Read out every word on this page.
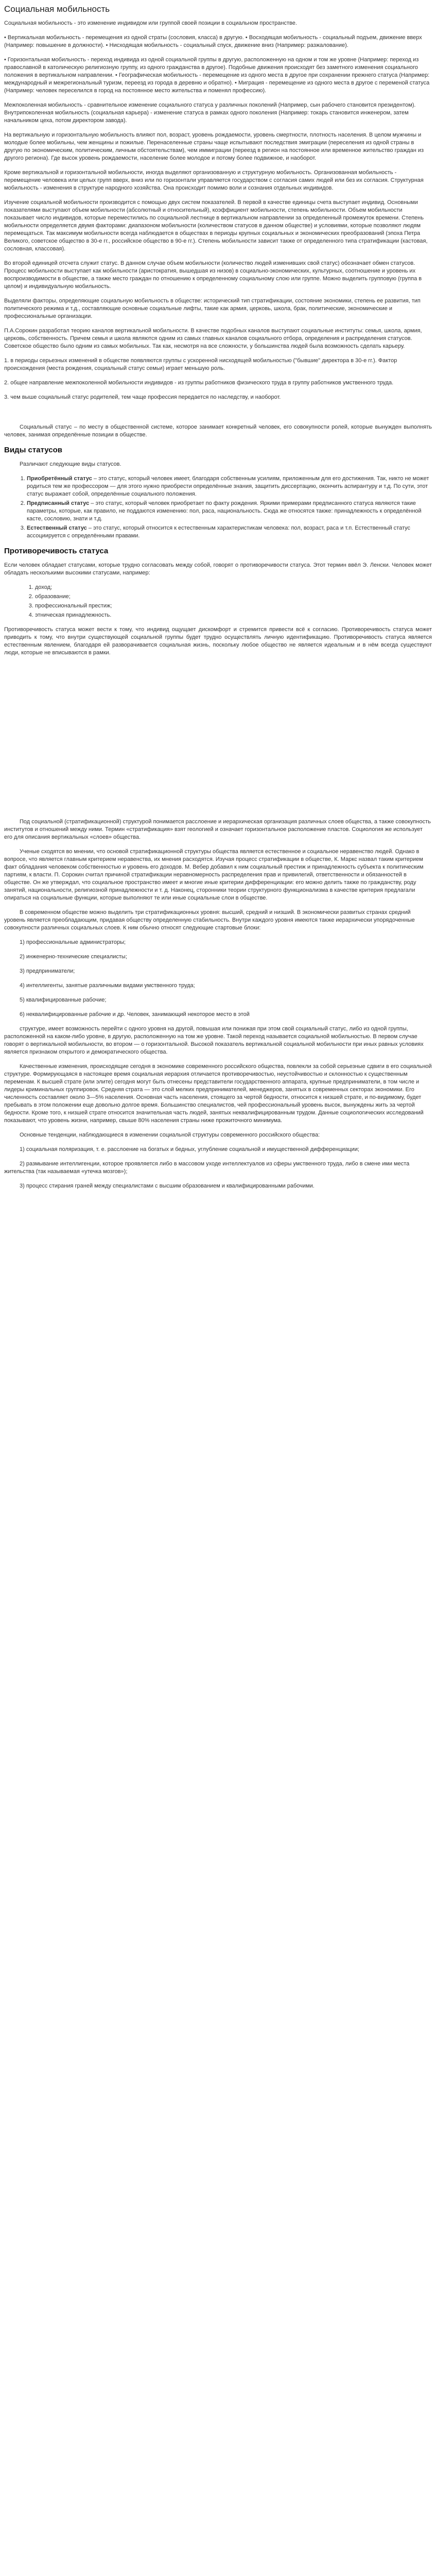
Социальная мобильность

Социальная мобильность - это изменение индивидом или группой своей позиции в социальном пространстве.

• Вертикальная мобильность - перемещения из одной страты (сословия, класса) в другую. • Восходящая мобильность - социальный подъем, движение вверх (Например: повышение в должности). • Нисходящая мобильность - социальный спуск, движение вниз (Например: разжалование).

• Горизонтальная мобильность - переход индивида из одной социальной группы в другую, расположенную на одном и том же уровне (Например: переход из православной в католическую религиозную группу, из одного гражданства в другое). Подобные движения происходят без заметного изменения социального положения в вертикальном направлении. • Географическая мобильность - перемещение из одного места в другое при сохранении прежнего статуса (Например: международный и межрегиональный туризм, переезд из города в деревню и обратно). • Миграция - перемещение из одного места в другое с переменой статуса (Например: человек переселился в город на постоянное место жительства и поменял профессию).

Межпоколенная мобильность - сравнительное изменение социального статуса у различных поколений (Например, сын рабочего становится президентом). Внутрипоколенная мобильность (социальная карьера) - изменение статуса в рамках одного поколения (Например: токарь становится инженером, затем начальником цеха, потом директором завода).

На вертикальную и горизонтальную мобильность влияют пол, возраст, уровень рождаемости, уровень смертности, плотность населения. В целом мужчины и молодые более мобильны, чем женщины и пожилые. Перенаселенные страны чаще испытывают последствия эмиграции (переселения из одной страны в другую по экономическим, политическим, личным обстоятельствам), чем иммиграции (переезд в регион на постоянное или временное жительство граждан из другого региона). Где высок уровень рождаемости, население более молодое и потому более подвижное, и наоборот.

Кроме вертикальной и горизонтальной мобильности, иногда выделяют организованную и структурную мобильность. Организованная мобильность - перемещение человека или целых групп вверх, вниз или по горизонтали управляется государством с согласия самих людей или без их согласия. Структурная мобильность - изменения в структуре народного хозяйства. Она происходит помимо воли и сознания отдельных индивидов.

Изучение социальной мобильности производится с помощью двух систем показателей. В первой в качестве единицы счета выступает индивид. Основными показателями выступают объем мобильности (абсолютный и относительный), коэффициент мобильности, степень мобильности. Объем мобильности показывает число индивидов, которые переместились по социальной лестнице в вертикальном направлении за определенный промежуток времени. Степень мобильности определяется двумя факторами: диапазоном мобильности (количеством статусов в данном обществе) и условиями, которые позволяют людям перемещаться. Так максимум мобильности всегда наблюдается в обществах в периоды крупных социальных и экономических преобразований (эпоха Петра Великого, советское общество в 30-е гг., российское общество в 90-е гг.). Степень мобильности зависит также от определенного типа стратификации (кастовая, сословная, классовая).

Во второй единицей отсчета служит статус. В данном случае объем мобильности (количество людей изменивших свой статус) обозначает обмен статусов. Процесс мобильности выступает как мобильности (аристократия, вышедшая из низов) в социально-экономических, культурных, соотношение и уровень их воспроизводимости в обществе, а также место граждан по отношению к определенному социальному слою или группе. Можно выделить групповую (группа в целом) и индивидуальную мобильность.

Выделяли факторы, определяющие социальную мобильность в обществе: исторический тип стратификации, состояние экономики, степень ее развития, тип политического режима и т.д., составляющие основные социальные лифты, такие как армия, церковь, школа, брак, политические, экономические и профессиональные организации.

П.А.Сорокин разработал теорию каналов вертикальной мобильности. В качестве подобных каналов выступают социальные институты: семья, школа, армия, церковь, собственность. Причем семья и школа являются одним из самых главных каналов социального отбора, определения и распределения статусов. Советское общество было одним из самых мобильных. Так как, несмотря на все сложности, у большинства людей была возможность сделать карьеру.

1. в периоды серьезных изменений в обществе появляются группы с ускоренной нисходящей мобильностью ("бывшие" директора в 30-е гг.). Фактор происхождения (места рождения, социальный статус семьи) играет меньшую роль.

2. общее направление межпоколенной мобильности индивидов - из группы работников физического труда в группу работников умственного труда.

3. чем выше социальный статус родителей, тем чаще профессия передается по наследству, и наоборот.

Социальный статус – по месту в общественной системе, которое занимает конкретный человек, его совокупности ролей, которые вынужден выполнять человек, занимая определённые позиции в обществе.

Виды статусов

Различают следующие виды статусов.

1. Приобретённый статус – это статус, который человек имеет, благодаря собственным усилиям, приложенным для его достижения. Так, никто не может родиться тем же профессором — для этого нужно приобрести определённые знания, защитить диссертацию, окончить аспирантуру и т.д. По сути, этот статус выражает собой, определённые социального положения.
2. Предписанный статус – это статус, который человек приобретает по факту рождения. Яркими примерами предписанного статуса являются такие параметры, которые, как правило, не поддаются изменению: пол, раса, национальность. Сюда же относятся также: принадлежность к определённой касте, сословию, знати и т.д.
3. Естественный статус – это статус, который относится к естественным характеристикам человека: пол, возраст, раса и т.п. Естественный статус ассоциируется с определёнными правами.
Противоречивость статуса

Если человек обладает статусами, которые трудно согласовать между собой, говорят о противоречивости статуса. Этот термин ввёл Э. Ленски. Человек может обладать несколькими высокими статусами, например:

1. доход;
2. образование;
3. профессиональный престиж;
4. этническая принадлежность.

Противоречивость статуса может вести к тому, что индивид ощущает дискомфорт и стремится привести всё к согласию. Противоречивость статуса может приводить к тому, что внутри существующей социальной группы будет трудно осуществлять личную идентификацию. Противоречивость статуса является естественным явлением, благодаря ей разворачивается социальная жизнь, поскольку любое общество не является идеальным и в нём всегда существуют люди, которые не вписываются в рамки.

Под социальной (стратификационной) структурой понимается расслоение и иерархическая организация различных слоев общества, а также совокупность институтов и отношений между ними. Термин «стратификация» взят геологией и означает горизонтальное расположение пластов. Социология же использует его для описания вертикальных «слоев» общества.

Ученые сходятся во мнении, что основой стратификационной структуры общества является естественное и социальное неравенство людей. Однако в вопросе, что является главным критерием неравенства, их мнения расходятся. Изучая процесс стратификации в обществе, К. Маркс назвал таким критерием факт обладания человеком собственностью и уровень его доходов. М. Вебер добавил к ним социальный престиж и принадлежность субъекта к политическим партиям, к власти. П. Сорокин считал причиной стратификации неравномерность распределения прав и привилегий, ответственности и обязанностей в обществе. Он же утверждал, что социальное пространство имеет и многие иные критерии дифференциации: его можно делить также по гражданству, роду занятий, национальности, религиозной принадлежности и т. д. Наконец, сторонники теории структурного функционализма в качестве критерия предлагали опираться на социальные функции, которые выполняют те или иные социальные слои в обществе.

В современном обществе можно выделить три стратификационных уровня: высший, средний и низший. В экономически развитых странах средний уровень является преобладающим, придавая обществу определенную стабильность. Внутри каждого уровня имеются также иерархически упорядоченные совокупности различных социальных слоев. К ним обычно относят следующие стартовые блоки:

1) профессиональные администраторы;

2) инженерно-технические специалисты;

3) предприниматели;

4) интеллигенты, занятые различными видами умственного труда;

5) квалифицированные рабочие;

6) неквалифицированные рабочие и др. Человек, занимающий некоторое место в этой

структуре, имеет возможность перейти с одного уровня на другой, повышая или понижая при этом свой социальный статус, либо из одной группы, расположенной на каком-либо уровне, в другую, расположенную на том же уровне. Такой переход называется социальной мобильностью. В первом случае говорят о вертикальной мобильности, во втором — о горизонтальной. Высокой показатель вертикальной социальной мобильности при иных равных условиях является признаком открытого и демократического общества.

Качественные изменения, происходящие сегодня в экономике современного российского общества, повлекли за собой серьезные сдвиги в его социальной структуре. Формирующаяся в настоящее время социальная иерархия отличается противоречивостью, неустойчивостью и склонностью к существенным переменам. К высшей страте (или элите) сегодня могут быть отнесены представители государственного аппарата, крупные предприниматели, в том числе и лидеры криминальных группировок. Средняя страта — это слой мелких предпринимателей, менеджеров, занятых в современных секторах экономики. Его численность составляет около 3—5% населения. Основная часть населения, стоящего за чертой бедности, относится к низшей страте, и по-видимому, будет пребывать в этом положении еще довольно долгое время. Большинство специалистов, чей профессиональный уровень высок, вынуждены жить за чертой бедности. Кроме того, к низшей страте относится значительная часть людей, занятых неквалифицированным трудом. Данные социологических исследований показывают, что уровень жизни, например, свыше 80% населения страны ниже прожиточного минимума.

Основные тенденции, наблюдающиеся в изменении социальной структуры современного российского общества:

1) социальная поляризация, т. е. расслоение на богатых и бедных, углубление социальной и имущественной дифференциации;

2) размывание интеллигенции, которое проявляется либо в массовом уходе интеллектуалов из сферы умственного труда, либо в смене ими места жительства (так называемая «утечка мозгов»);

3) процесс стирания граней между специалистами с высшим образованием и квалифицированными рабочими.
